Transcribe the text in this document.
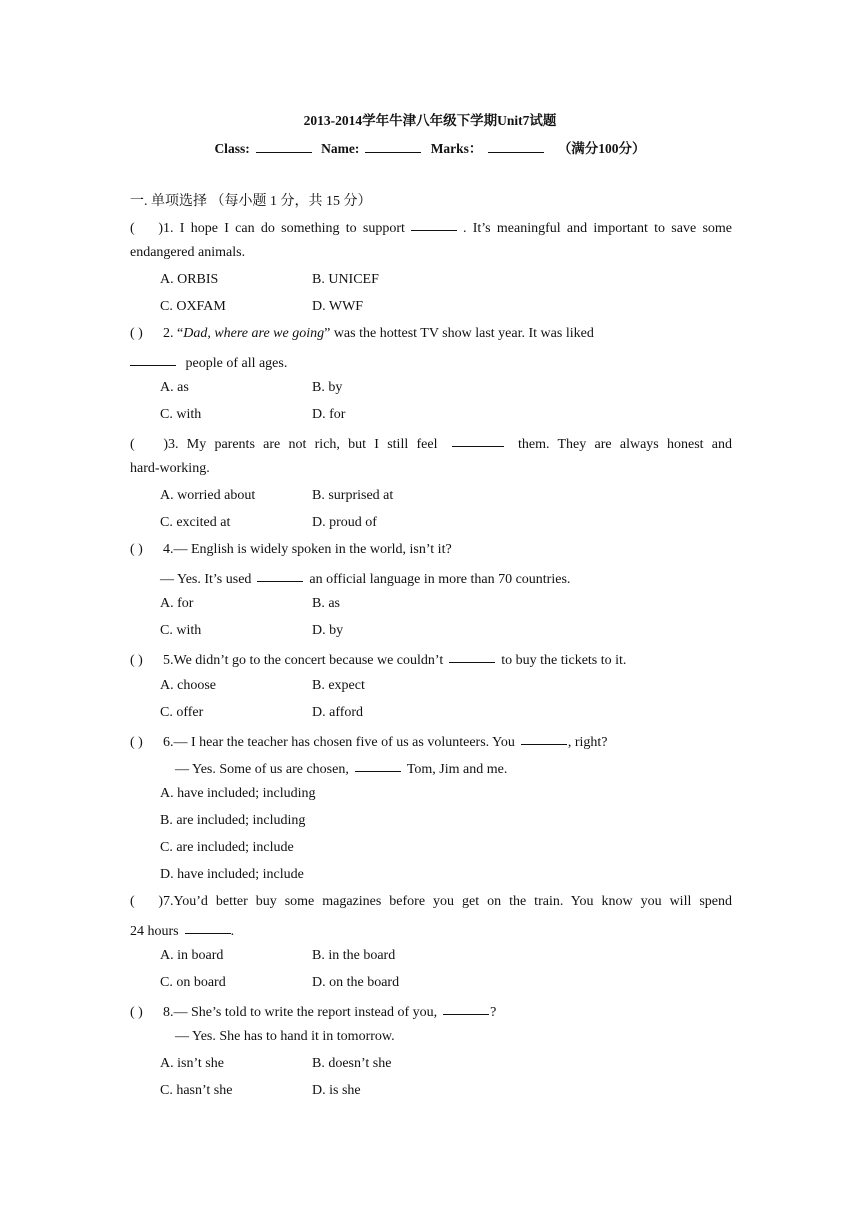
2013-2014学年牛津八年级下学期Unit7试题
Class:	Name:	Marks：	（满分100分）
一. 单项选择 （每小题 1 分，共 15 分）
( )1. I hope I can do something to support	. It’s meaningful and important to save some
endangered animals.
A. ORBIS	B. UNICEF
C. OXFAM	D. WWF
( ) 2. “Dad, where are we going” was the hottest TV show last year. It was liked
people of all ages.
A. as	B. by
C. with	D. for
( )3. My parents are not rich, but I still feel	them. They are always honest and
hard-working.
A. worried about	B. surprised at
C. excited at	D. proud of
( ) 4.— English is widely spoken in the world, isn’t it?
— Yes. It’s used	an official language in more than 70 countries.
A. for	B. as
C. with	D. by
( ) 5.We didn’t go to the concert because we couldn’t	to buy the tickets to it.
A. choose	B. expect
C. offer	D. afford
( ) 6.— I hear the teacher has chosen five of us as volunteers. You	, right?
— Yes. Some of us are chosen,	Tom, Jim and me.
A. have included; including
B. are included; including
C. are included; include
D. have included; include
( )7.You’d better buy some magazines before you get on the train. You know you will spend
24 hours	.
A. in board	B. in the board
C. on board	D. on the board
( ) 8.— She’s told to write the report instead of you,	?
— Yes. She has to hand it in tomorrow.
A. isn’t she	B. doesn’t she
C. hasn’t she	D. is she
